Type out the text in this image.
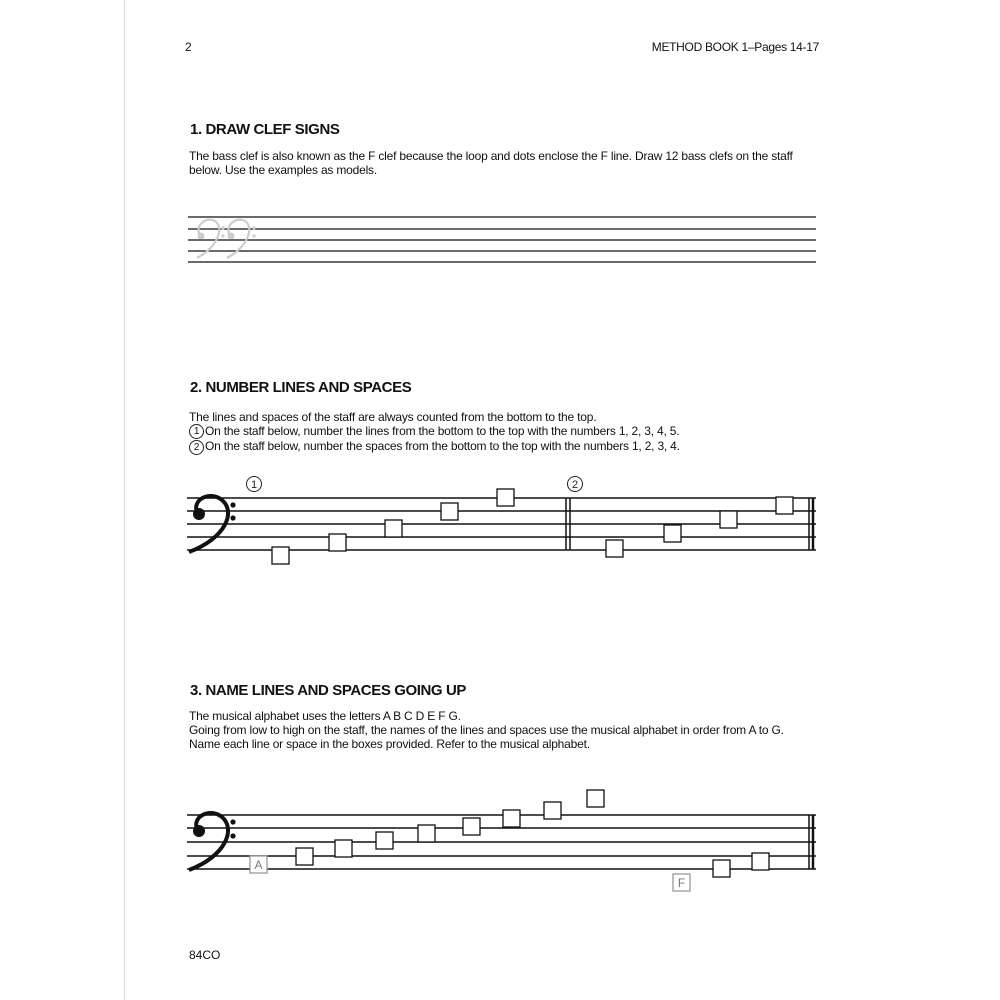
2	METHOD BOOK 1–Pages 14-17
1. DRAW CLEF SIGNS

The bass clef is also known as the F clef because the loop and dots enclose the F line. Draw 12 bass clefs on the staff below. Use the examples as models.

2. NUMBER LINES AND SPACES

The lines and spaces of the staff are always counted from the bottom to the top.

1 On the staff below, number the lines from the bottom to the top with the numbers 1, 2, 3, 4, 5.

2 On the staff below, number the spaces from the bottom to the top with the numbers 1, 2, 3, 4.

1	2
3. NAME LINES AND SPACES GOING UP

The musical alphabet uses the letters A B C D E F G.

Going from low to high on the staff, the names of the lines and spaces use the musical alphabet in order from A to G.

Name each line or space in the boxes provided. Refer to the musical alphabet.

A
F
84CO
